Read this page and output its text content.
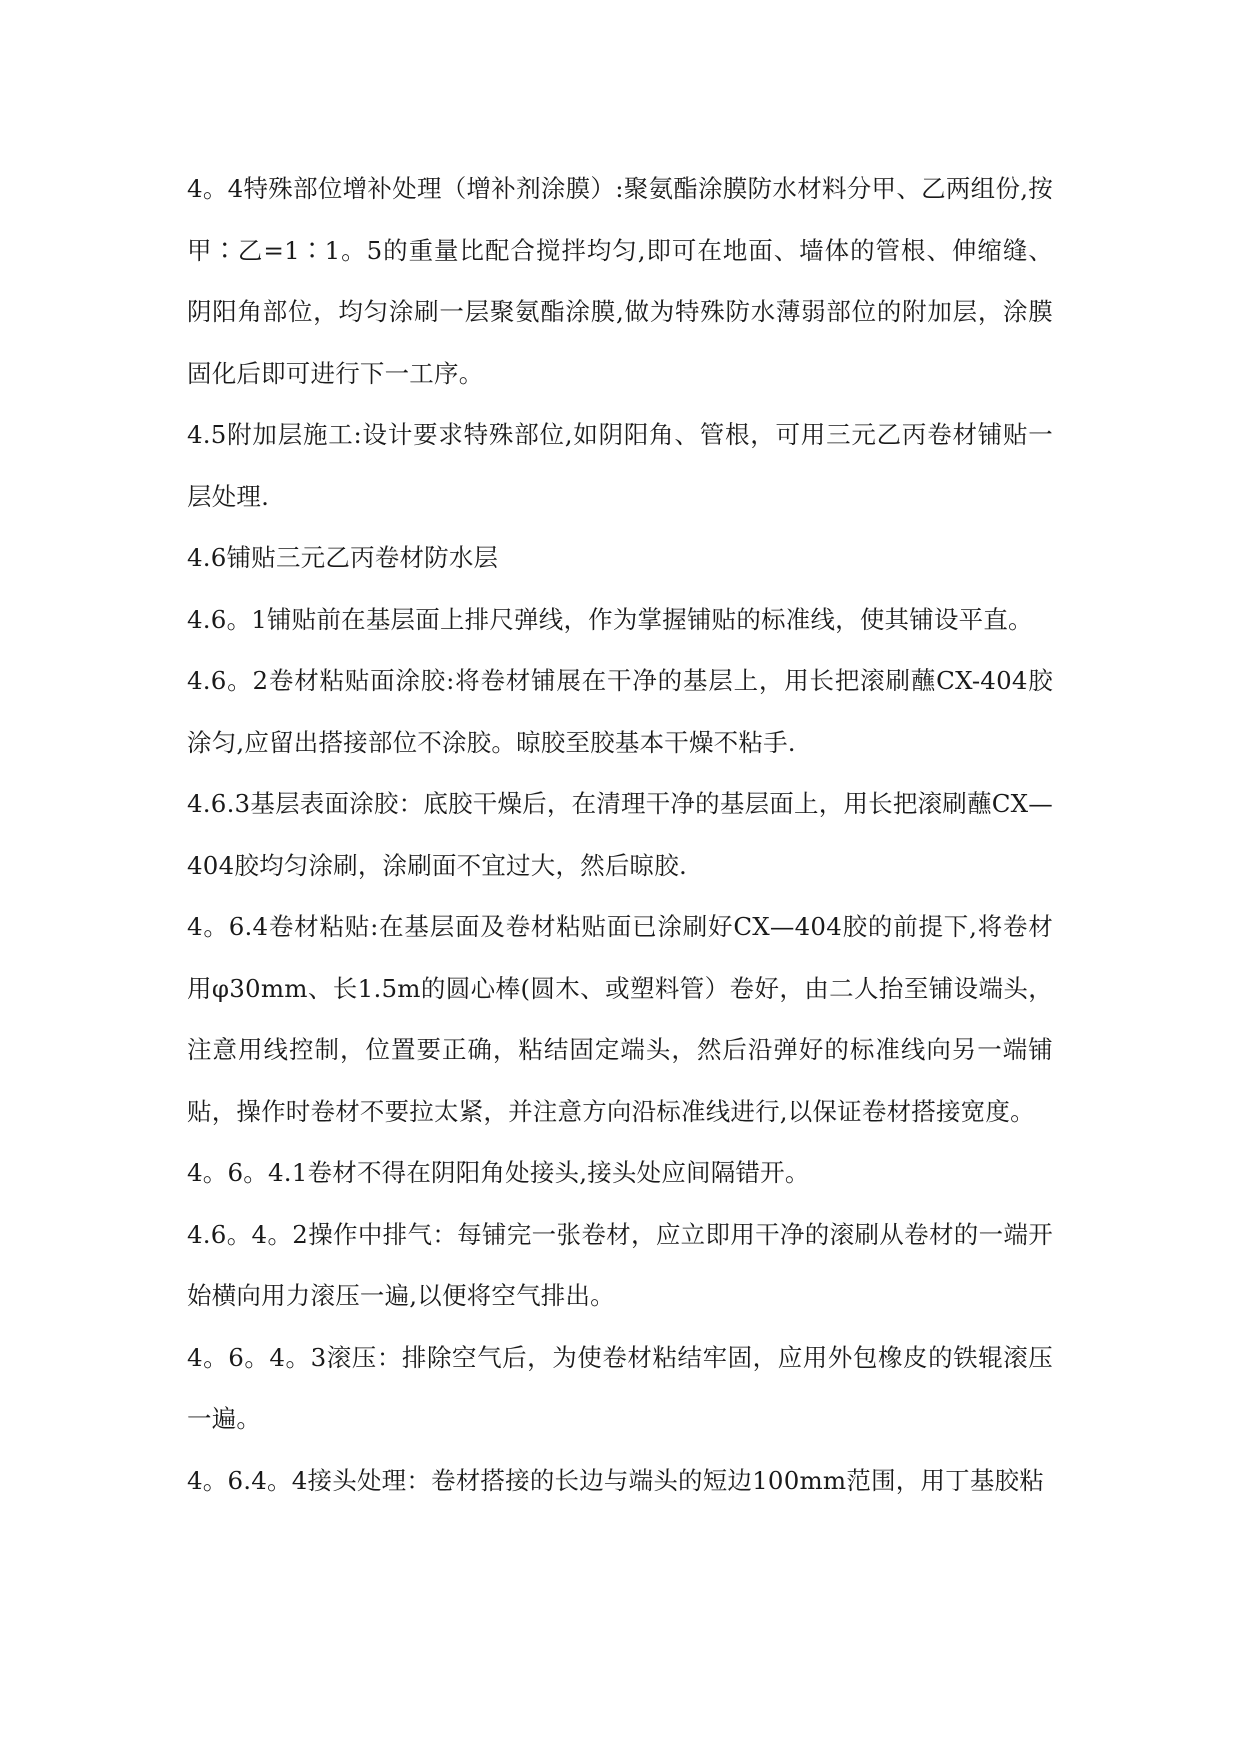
4。4特殊部位增补处理（增补剂涂膜）:聚氨酯涂膜防水材料分甲、乙两组份,按甲∶乙=1∶1。5的重量比配合搅拌均匀,即可在地面、墙体的管根、伸缩缝、阴阳角部位，均匀涂刷一层聚氨酯涂膜,做为特殊防水薄弱部位的附加层，涂膜固化后即可进行下一工序。

4.5附加层施工:设计要求特殊部位,如阴阳角、管根，可用三元乙丙卷材铺贴一层处理.

4.6铺贴三元乙丙卷材防水层

4.6。1铺贴前在基层面上排尺弹线，作为掌握铺贴的标准线，使其铺设平直。

4.6。2卷材粘贴面涂胶:将卷材铺展在干净的基层上，用长把滚刷蘸CX-404胶涂匀,应留出搭接部位不涂胶。晾胶至胶基本干燥不粘手.

4.6.3基层表面涂胶：底胶干燥后，在清理干净的基层面上，用长把滚刷蘸CX—404胶均匀涂刷，涂刷面不宜过大，然后晾胶.

4。6.4卷材粘贴:在基层面及卷材粘贴面已涂刷好CX—404胶的前提下,将卷材用φ30mm、长1.5m的圆心棒(圆木、或塑料管）卷好，由二人抬至铺设端头，注意用线控制，位置要正确，粘结固定端头，然后沿弹好的标准线向另一端铺贴，操作时卷材不要拉太紧，并注意方向沿标准线进行,以保证卷材搭接宽度。

4。6。4.1卷材不得在阴阳角处接头,接头处应间隔错开。

4.6。4。2操作中排气：每铺完一张卷材，应立即用干净的滚刷从卷材的一端开始横向用力滚压一遍,以便将空气排出。

4。6。4。3滚压：排除空气后，为使卷材粘结牢固，应用外包橡皮的铁辊滚压一遍。

4。6.4。4接头处理：卷材搭接的长边与端头的短边100mm范围，用丁基胶粘
